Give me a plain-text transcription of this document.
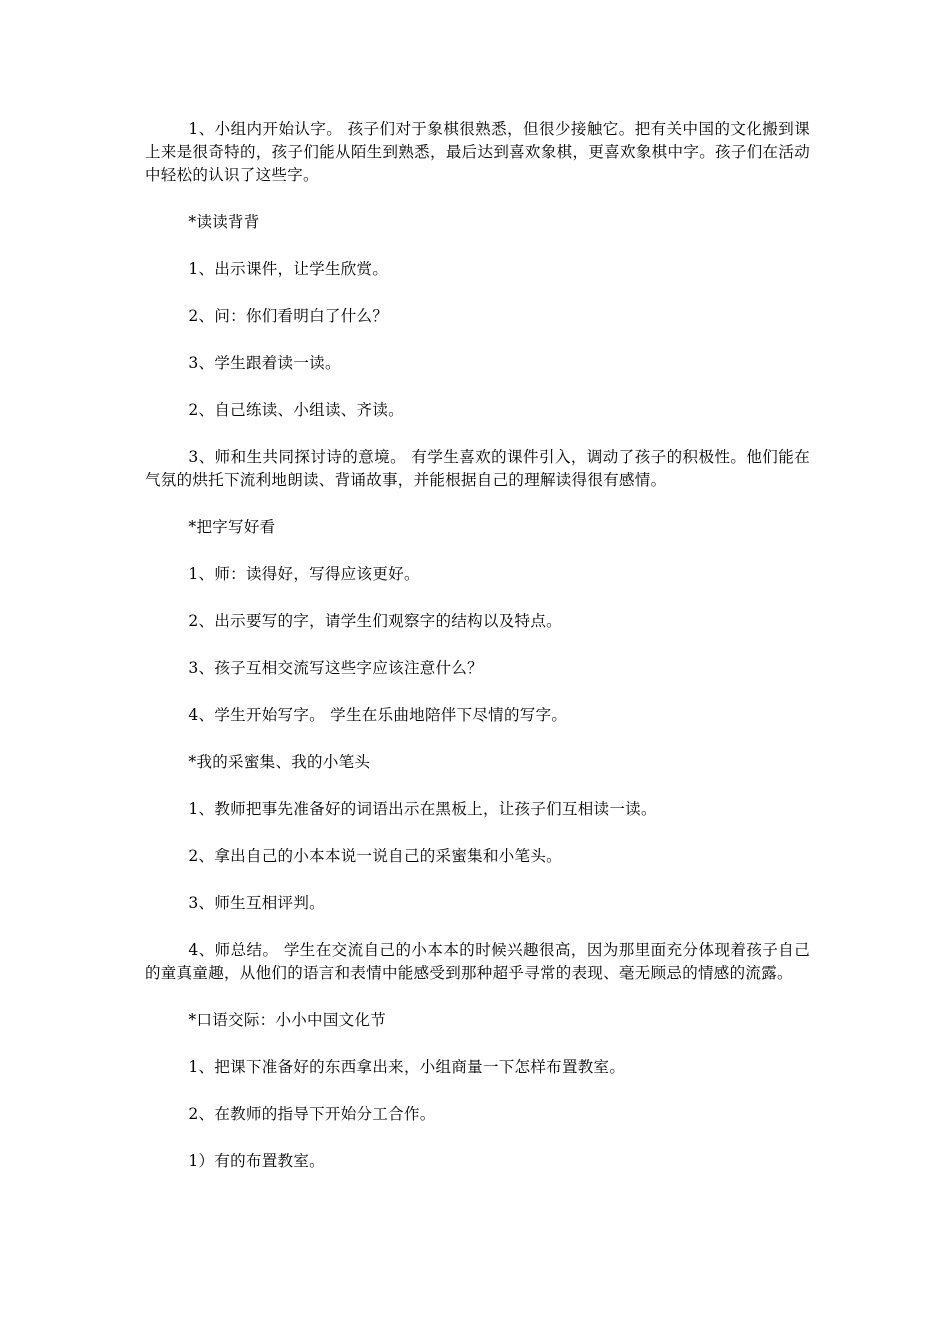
1、小组内开始认字。 孩子们对于象棋很熟悉，但很少接触它。把有关中国的文化搬到课上来是很奇特的，孩子们能从陌生到熟悉，最后达到喜欢象棋，更喜欢象棋中字。孩子们在活动中轻松的认识了这些字。

*读读背背

1、出示课件，让学生欣赏。

2、问：你们看明白了什么？

3、学生跟着读一读。

2、自己练读、小组读、齐读。

3、师和生共同探讨诗的意境。 有学生喜欢的课件引入，调动了孩子的积极性。他们能在气氛的烘托下流利地朗读、背诵故事，并能根据自己的理解读得很有感情。

*把字写好看

1、师：读得好，写得应该更好。

2、出示要写的字，请学生们观察字的结构以及特点。

3、孩子互相交流写这些字应该注意什么？

4、学生开始写字。 学生在乐曲地陪伴下尽情的写字。

*我的采蜜集、我的小笔头

1、教师把事先准备好的词语出示在黑板上，让孩子们互相读一读。

2、拿出自己的小本本说一说自己的采蜜集和小笔头。

3、师生互相评判。

4、师总结。 学生在交流自己的小本本的时候兴趣很高，因为那里面充分体现着孩子自己的童真童趣，从他们的语言和表情中能感受到那种超乎寻常的表现、毫无顾忌的情感的流露。

*口语交际：小小中国文化节

1、把课下准备好的东西拿出来，小组商量一下怎样布置教室。

2、在教师的指导下开始分工合作。

1）有的布置教室。
